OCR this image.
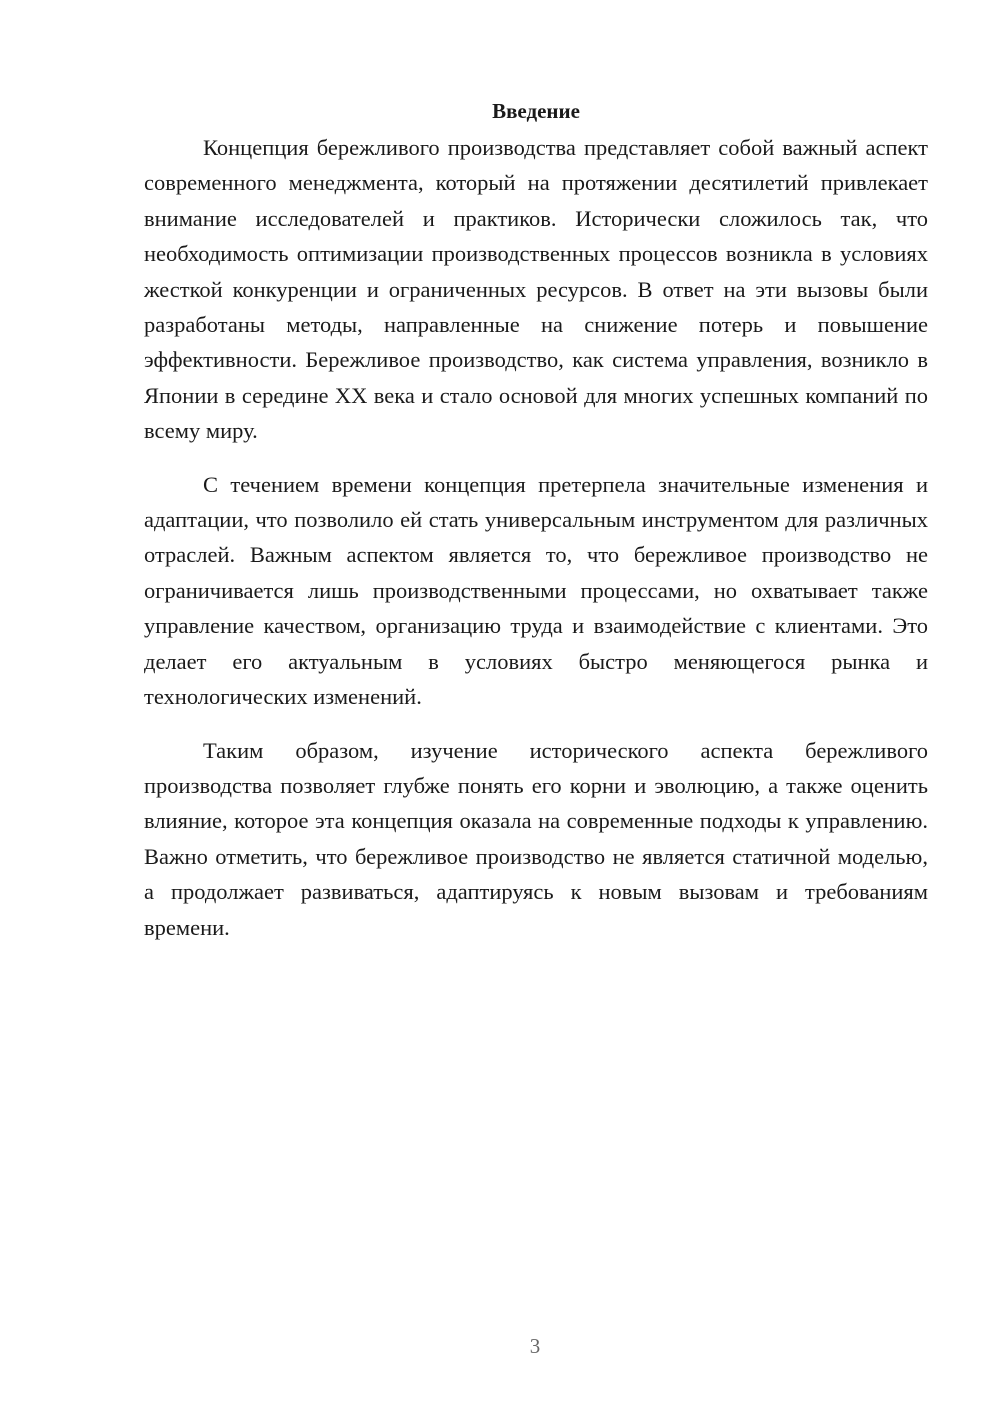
Введение

Концепция бережливого производства представляет собой важный аспект современного менеджмента, который на протяжении десятилетий привлекает внимание исследователей и практиков. Исторически сложилось так, что необходимость оптимизации производственных процессов возникла в условиях жесткой конкуренции и ограниченных ресурсов. В ответ на эти вызовы были разработаны методы, направленные на снижение потерь и повышение эффективности. Бережливое производство, как система управления, возникло в Японии в середине XX века и стало основой для многих успешных компаний по всему миру.

С течением времени концепция претерпела значительные изменения и адаптации, что позволило ей стать универсальным инструментом для различных отраслей. Важным аспектом является то, что бережливое производство не ограничивается лишь производственными процессами, но охватывает также управление качеством, организацию труда и взаимодействие с клиентами. Это делает его актуальным в условиях быстро меняющегося рынка и технологических изменений.

Таким образом, изучение исторического аспекта бережливого производства позволяет глубже понять его корни и эволюцию, а также оценить влияние, которое эта концепция оказала на современные подходы к управлению. Важно отметить, что бережливое производство не является статичной моделью, а продолжает развиваться, адаптируясь к новым вызовам и требованиям времени.

3
